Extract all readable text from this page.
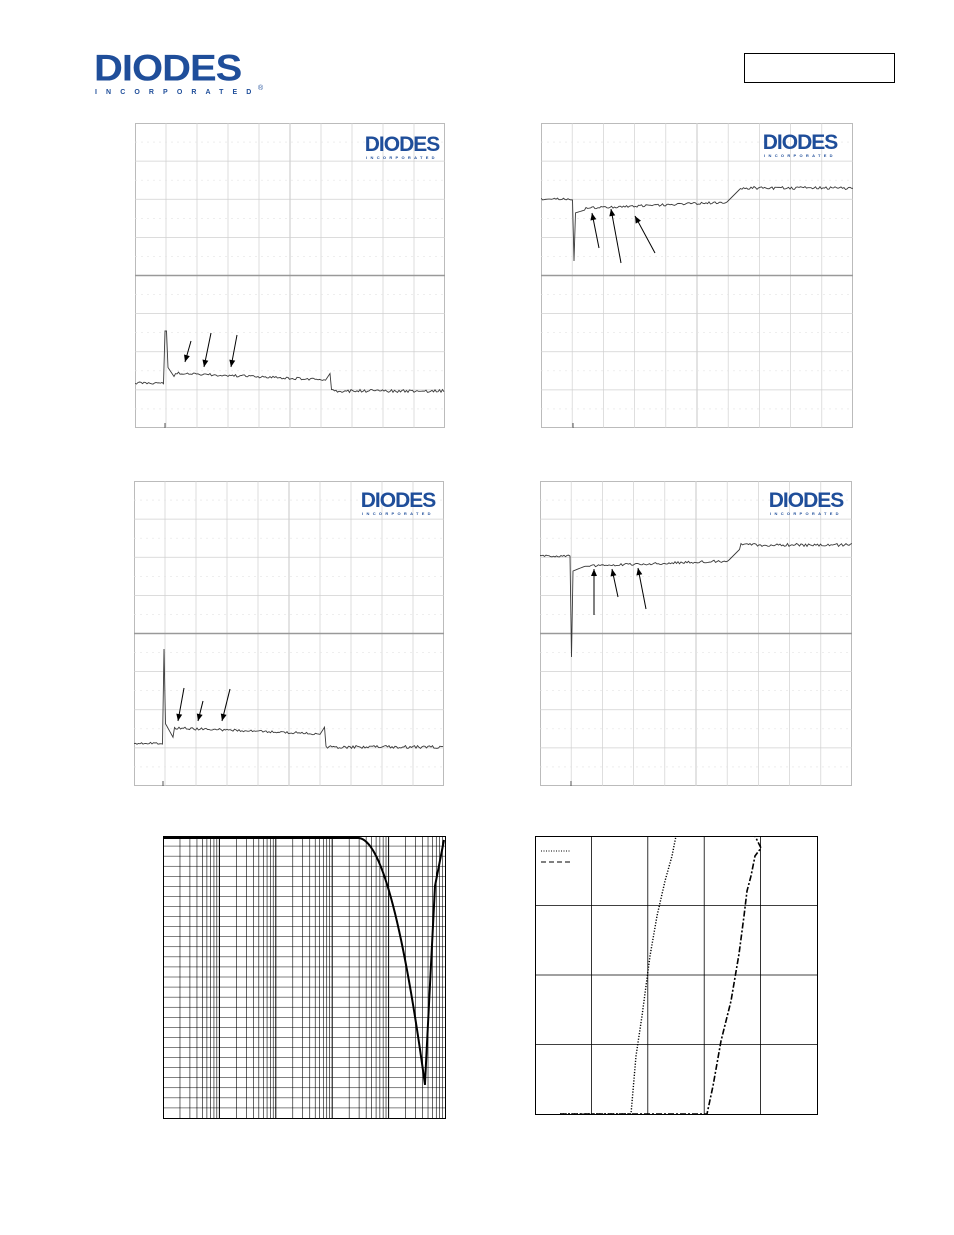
DIODES
INCORPORATED
®
DIODES
INCORPORATED
DIODES
INCORPORATED
DIODES
INCORPORATED
DIODES
INCORPORATED
